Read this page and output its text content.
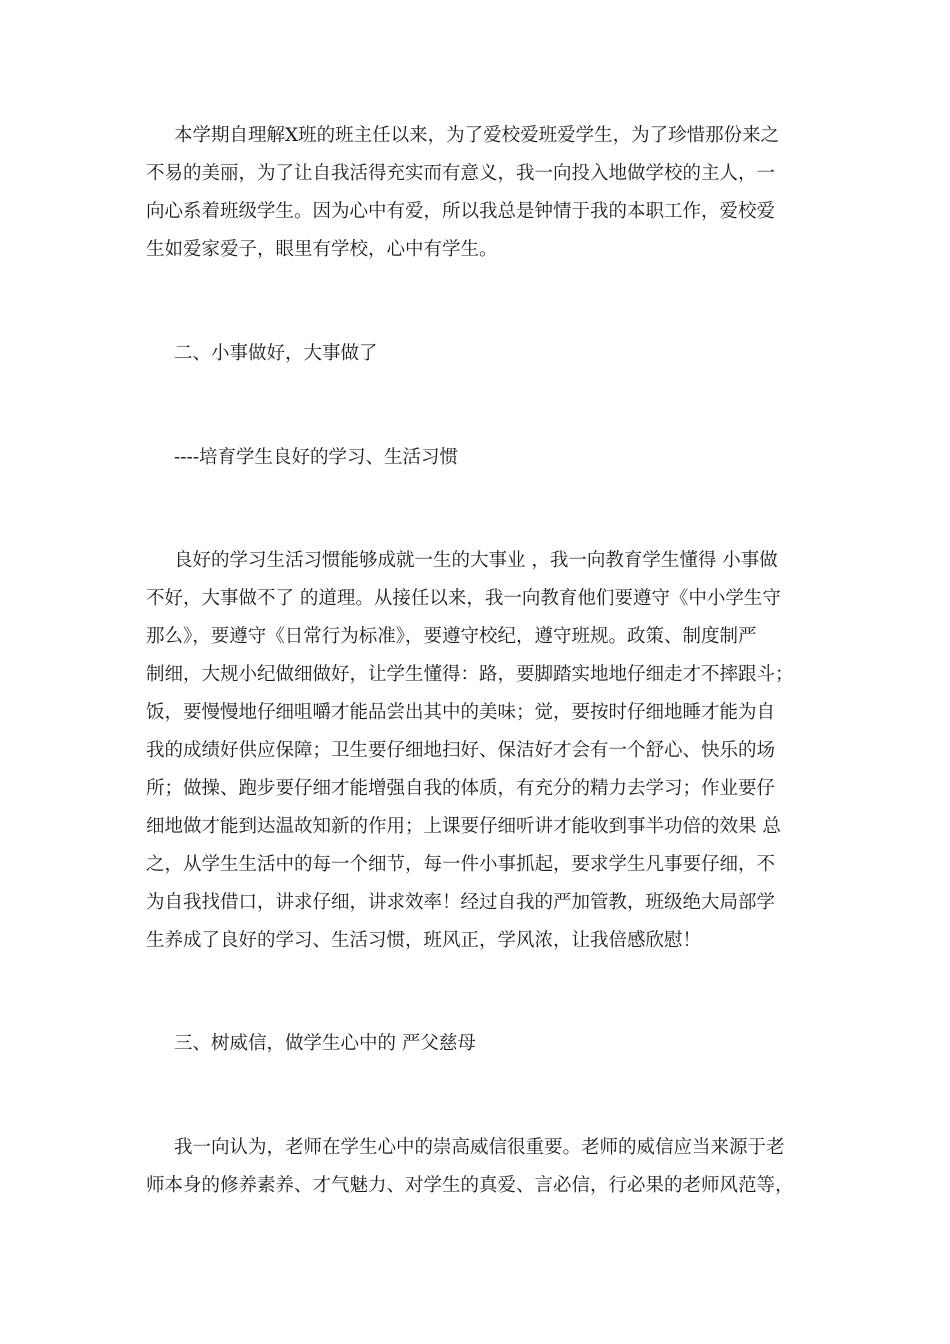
本学期自理解X班的班主任以来，为了爱校爱班爱学生，为了珍惜那份来之
不易的美丽，为了让自我活得充实而有意义，我一向投入地做学校的主人，一
向心系着班级学生。因为心中有爱，所以我总是钟情于我的本职工作，爱校爱
生如爱家爱子，眼里有学校，心中有学生。
二、小事做好，大事做了
----培育学生良好的学习、生活习惯
良好的学习生活习惯能够成就一生的大事业 ，我一向教育学生懂得 小事做
不好，大事做不了 的道理。从接任以来，我一向教育他们要遵守《中小学生守
那么》，要遵守《日常行为标准》，要遵守校纪，遵守班规。政策、制度制严
制细，大规小纪做细做好，让学生懂得：路，要脚踏实地地仔细走才不摔跟斗；
饭，要慢慢地仔细咀嚼才能品尝出其中的美味；觉，要按时仔细地睡才能为自
我的成绩好供应保障；卫生要仔细地扫好、保洁好才会有一个舒心、快乐的场
所；做操、跑步要仔细才能增强自我的体质，有充分的精力去学习；作业要仔
细地做才能到达温故知新的作用；上课要仔细听讲才能收到事半功倍的效果 总
之，从学生生活中的每一个细节，每一件小事抓起，要求学生凡事要仔细，不
为自我找借口，讲求仔细，讲求效率！经过自我的严加管教，班级绝大局部学
生养成了良好的学习、生活习惯，班风正，学风浓，让我倍感欣慰！
三、树威信，做学生心中的 严父慈母
我一向认为，老师在学生心中的崇高威信很重要。老师的威信应当来源于老
师本身的修养素养、才气魅力、对学生的真爱、言必信，行必果的老师风范等，
